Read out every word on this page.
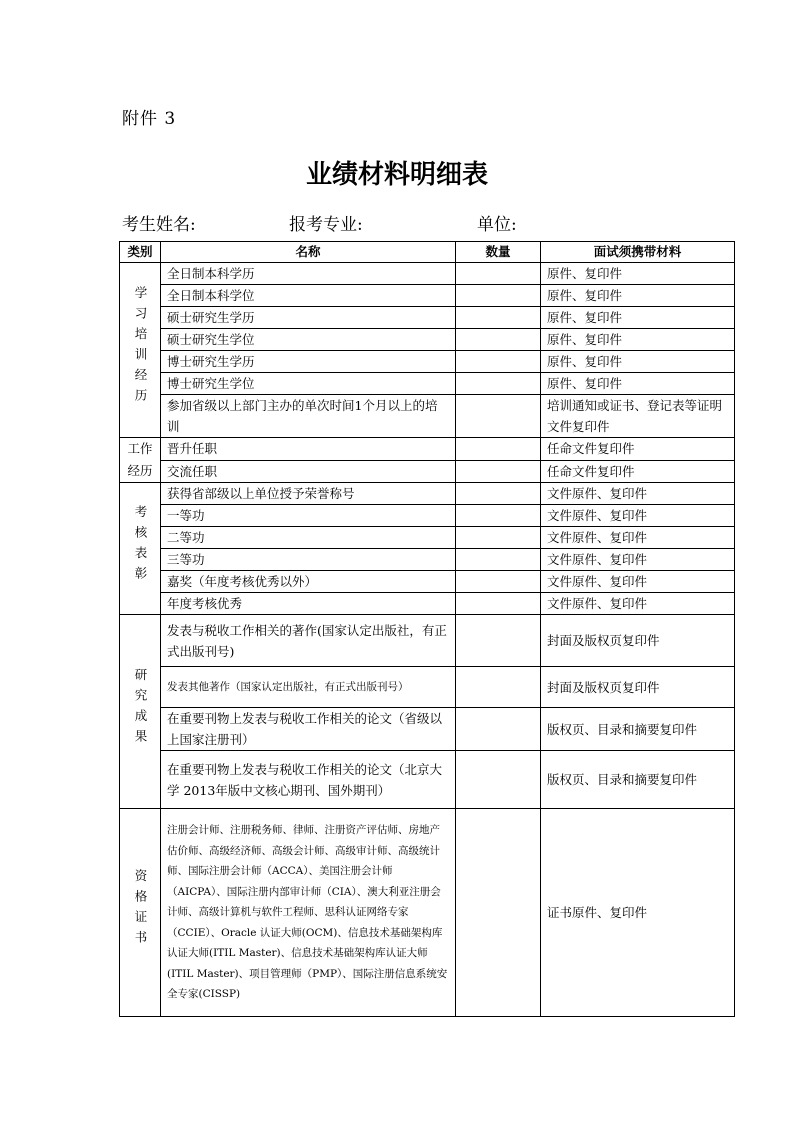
附件 3
业绩材料明细表
考生姓名:	报考专业:	单位:
类别	名称	数量	面试须携带材料
学习培训经历	全日制本科学历		原件、复印件
	全日制本科学位		原件、复印件
	硕士研究生学历		原件、复印件
	硕士研究生学位		原件、复印件
	博士研究生学历		原件、复印件
	博士研究生学位		原件、复印件
	参加省级以上部门主办的单次时间1个月以上的培训		培训通知或证书、登记表等证明文件复印件
工作经历	晋升任职		任命文件复印件
	交流任职		任命文件复印件
考核表彰	获得省部级以上单位授予荣誉称号		文件原件、复印件
	一等功		文件原件、复印件
	二等功		文件原件、复印件
	三等功		文件原件、复印件
	嘉奖（年度考核优秀以外）		文件原件、复印件
	年度考核优秀		文件原件、复印件
研究成果	发表与税收工作相关的著作(国家认定出版社，有正式出版刊号)		封面及版权页复印件
	发表其他著作（国家认定出版社，有正式出版刊号）		封面及版权页复印件
	在重要刊物上发表与税收工作相关的论文（省级以上国家注册刊）		版权页、目录和摘要复印件
	在重要刊物上发表与税收工作相关的论文（北京大学 2013年版中文核心期刊、国外期刊）		版权页、目录和摘要复印件
资格证书	注册会计师、注册税务师、律师、注册资产评估师、房地产估价师、高级经济师、高级会计师、高级审计师、高级统计师、国际注册会计师（ACCA）、美国注册会计师（AICPA）、国际注册内部审计师（CIA）、澳大利亚注册会计师、高级计算机与软件工程师、思科认证网络专家（CCIE）、Oracle 认证大师(OCM)、信息技术基础架构库认证大师(ITIL Master)、信息技术基础架构库认证大师(ITIL Master)、项目管理师（PMP）、国际注册信息系统安全专家(CISSP)		证书原件、复印件
